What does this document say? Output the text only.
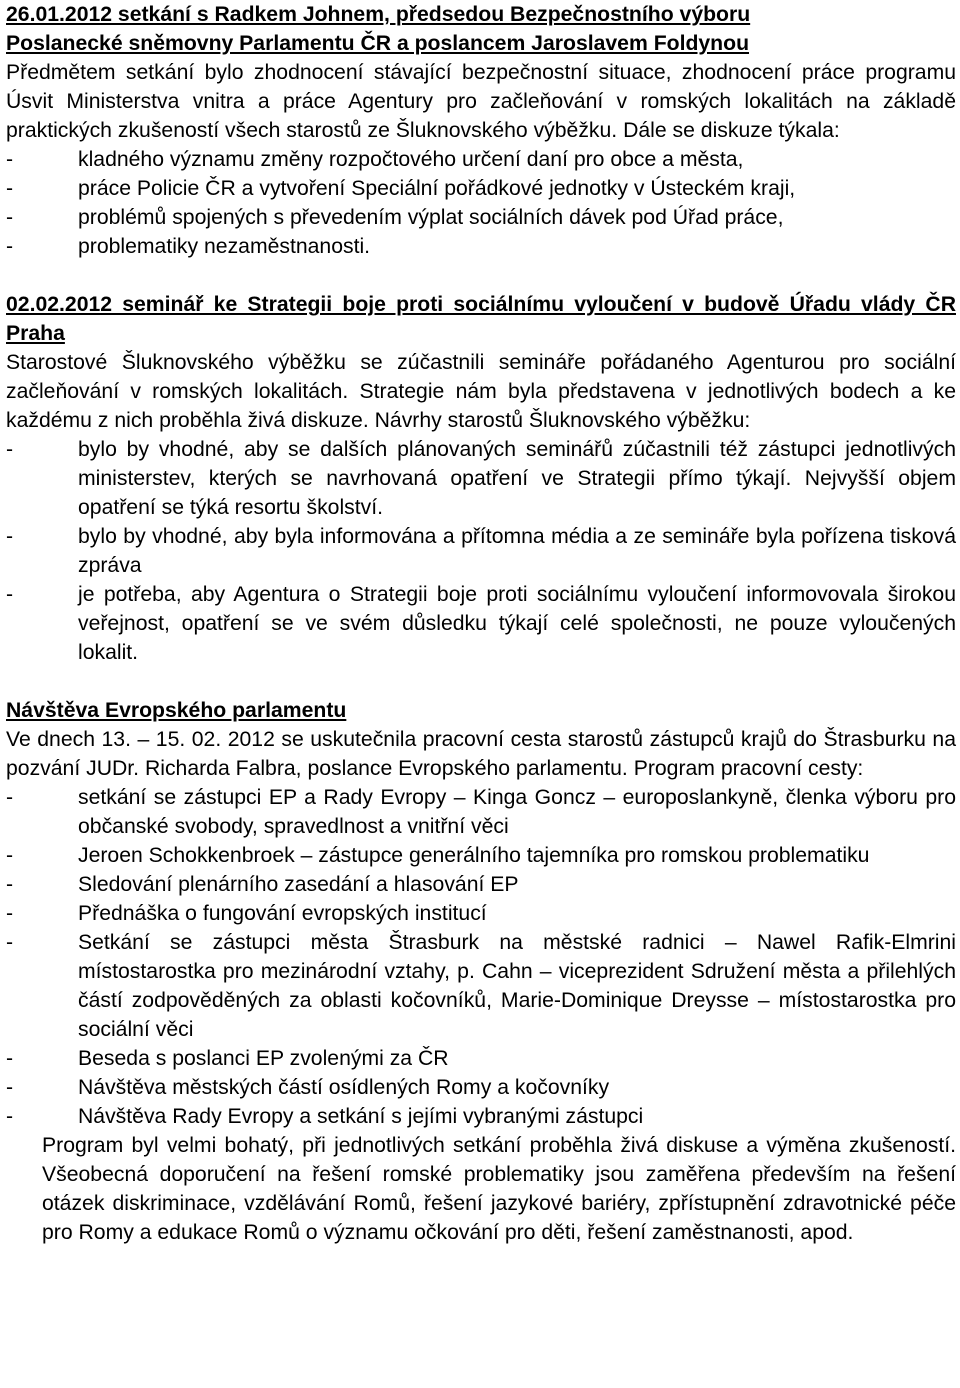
26.01.2012 setkání s Radkem Johnem, předsedou Bezpečnostního výboru
Poslanecké sněmovny Parlamentu ČR a poslancem Jaroslavem Foldynou
Předmětem setkání bylo zhodnocení stávající bezpečnostní situace, zhodnocení práce programu Úsvit Ministerstva vnitra a práce Agentury pro začleňování v romských lokalitách na základě praktických zkušeností všech starostů ze Šluknovského výběžku. Dále se diskuze týkala:
- kladného významu změny rozpočtového určení daní pro obce a města,
- práce Policie ČR a vytvoření Speciální pořádkové jednotky v Ústeckém kraji,
- problémů spojených s převedením výplat sociálních dávek pod Úřad práce,
- problematiky nezaměstnanosti.
02.02.2012 seminář ke Strategii boje proti sociálnímu vyloučení v budově Úřadu vlády ČR Praha
Starostové Šluknovského výběžku se zúčastnili semináře pořádaného Agenturou pro sociální začleňování v romských lokalitách. Strategie nám byla představena v jednotlivých bodech a ke každému z nich proběhla živá diskuze. Návrhy starostů Šluknovského výběžku:
- bylo by vhodné, aby se dalších plánovaných seminářů zúčastnili též zástupci jednotlivých ministerstev, kterých se navrhovaná opatření ve Strategii přímo týkají. Nejvyšší objem opatření se týká resortu školství.
- bylo by vhodné, aby byla informována a přítomna média a ze semináře byla pořízena tisková zpráva
- je potřeba, aby Agentura o Strategii boje proti sociálnímu vyloučení informovovala širokou veřejnost, opatření se ve svém důsledku týkají celé společnosti, ne pouze vyloučených lokalit.
Návštěva Evropského parlamentu
Ve dnech 13. – 15. 02. 2012 se uskutečnila pracovní cesta starostů zástupců krajů do Štrasburku na pozvání JUDr. Richarda Falbra, poslance Evropského parlamentu. Program pracovní cesty:
- setkání se zástupci EP a Rady Evropy – Kinga Goncz – europoslankyně, členka výboru pro občanské svobody, spravedlnost a vnitřní věci
- Jeroen Schokkenbroek – zástupce generálního tajemníka pro romskou problematiku
- Sledování plenárního zasedání a hlasování EP
- Přednáška o fungování evropských institucí
- Setkání se zástupci města Štrasburk na městské radnici – Nawel Rafik-Elmrini místostarostka pro mezinárodní vztahy, p. Cahn – viceprezident Sdružení města a přilehlých částí zodpověděných za oblasti kočovníků, Marie-Dominique Dreysse – místostarostka pro sociální věci
- Beseda s poslanci EP zvolenými za ČR
- Návštěva městských částí osídlených Romy a kočovníky
- Návštěva Rady Evropy a setkání s jejími vybranými zástupci
Program byl velmi bohatý, při jednotlivých setkání proběhla živá diskuse a výměna zkušeností. Všeobecná doporučení na řešení romské problematiky jsou zaměřena především na řešení otázek diskriminace, vzdělávání Romů, řešení jazykové bariéry, zpřístupnění zdravotnické péče pro Romy a edukace Romů o významu očkování pro děti, řešení zaměstnanosti, apod.
